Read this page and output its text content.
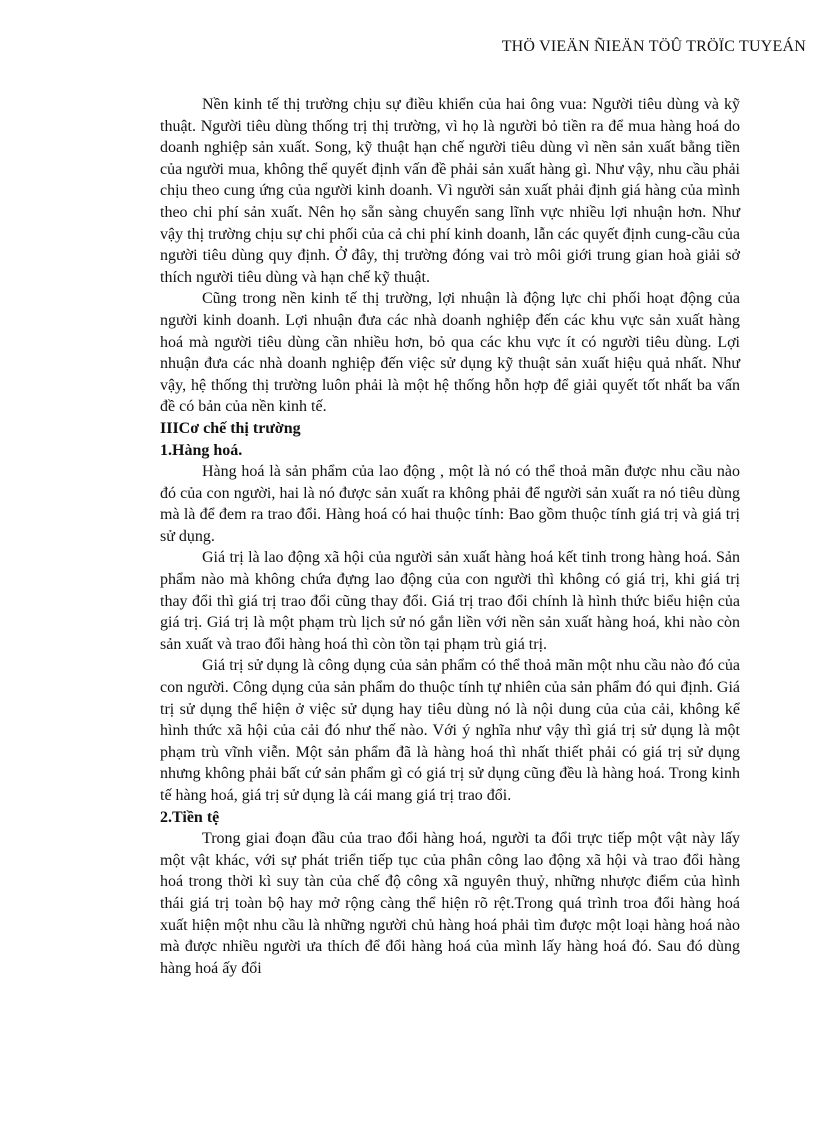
THÖ VIEÄN ÑIEÄN TÖÛ TRÖÏC TUYEÁN

Nền kinh tế thị trường chịu sự điều khiển của hai ông vua: Người tiêu dùng và kỹ thuật. Người tiêu dùng thống trị thị trường, vì họ là người bỏ tiền ra để mua hàng hoá do doanh nghiệp sản xuất. Song, kỹ thuật hạn chế người tiêu dùng vì nền sản xuất bằng tiền của người mua, không thể quyết định vấn đề phải sản xuất hàng gì. Như vậy, nhu cầu phải chịu theo cung ứng của người kinh doanh. Vì người sản xuất phải định giá hàng của mình theo chi phí sản xuất. Nên họ sẵn sàng chuyển sang lĩnh vực nhiều lợi nhuận hơn. Như vậy thị trường chịu sự chi phối của cả chi phí kinh doanh, lẫn các quyết định cung-cầu của người tiêu dùng quy định. Ở đây, thị trường đóng vai trò môi giới trung gian hoà giải sở thích người tiêu dùng và hạn chế kỹ thuật.

Cũng trong nền kinh tế thị trường, lợi nhuận là động lực chi phối hoạt động của người kinh doanh. Lợi nhuận đưa các nhà doanh nghiệp đến các khu vực sản xuất hàng hoá mà người tiêu dùng cần nhiều hơn, bỏ qua các khu vực ít có người tiêu dùng. Lợi nhuận đưa các nhà doanh nghiệp đến việc sử dụng kỹ thuật sản xuất hiệu quả nhất. Như vậy, hệ thống thị trường luôn phải là một hệ thống hỗn hợp để giải quyết tốt nhất ba vấn đề có bản của nền kinh tế.

IIICơ chế thị trường
1.Hàng hoá.

Hàng hoá là sản phẩm của lao động , một là nó có thể thoả mãn được nhu cầu nào đó của con người, hai là nó được sản xuất ra không phải để người sản xuất ra nó tiêu dùng mà là để đem ra trao đổi. Hàng hoá có hai thuộc tính: Bao gồm thuộc tính giá trị và giá trị sử dụng.

Giá trị là lao động xã hội của người sản xuất hàng hoá kết tinh trong hàng hoá. Sản phẩm nào mà không chứa đựng lao động của con người thì không có giá trị, khi giá trị thay đổi thì giá trị trao đổi cũng thay đổi. Giá trị trao đổi chính là hình thức biểu hiện của giá trị. Giá trị là một phạm trù lịch sử nó gắn liền với nền sản xuất hàng hoá, khi nào còn sản xuất và trao đổi hàng hoá thì còn tồn tại phạm trù giá trị.

Giá trị sử dụng là công dụng của sản phẩm có thể thoả mãn một nhu cầu nào đó của con người. Công dụng của sản phẩm do thuộc tính tự nhiên của sản phẩm đó qui định. Giá trị sử dụng thể hiện ở việc sử dụng hay tiêu dùng nó là nội dung của của cải, không kể hình thức xã hội của cải đó như thế nào. Với ý nghĩa như vậy thì giá trị sử dụng là một phạm trù vĩnh viễn. Một sản phẩm đã là hàng hoá thì nhất thiết phải có giá trị sử dụng nhưng không phải bất cứ sản phẩm gì có giá trị sử dụng cũng đều là hàng hoá. Trong kinh tế hàng hoá, giá trị sử dụng là cái mang giá trị trao đổi.

2.Tiền tệ

Trong giai đoạn đầu của trao đổi hàng hoá, người ta đổi trực tiếp một vật này lấy một vật khác, với sự phát triển tiếp tục của phân công lao động xã hội và trao đổi hàng hoá trong thời kì suy tàn của chế độ công xã nguyên thuỷ, những nhược điểm của hình thái giá trị toàn bộ hay mở rộng càng thể hiện rõ rệt.Trong quá trình troa đổi hàng hoá xuất hiện một nhu cầu là những người chủ hàng hoá phải tìm được một loại hàng hoá nào mà được nhiều người ưa thích để đổi hàng hoá của mình lấy hàng hoá đó. Sau đó dùng hàng hoá ấy đổi
